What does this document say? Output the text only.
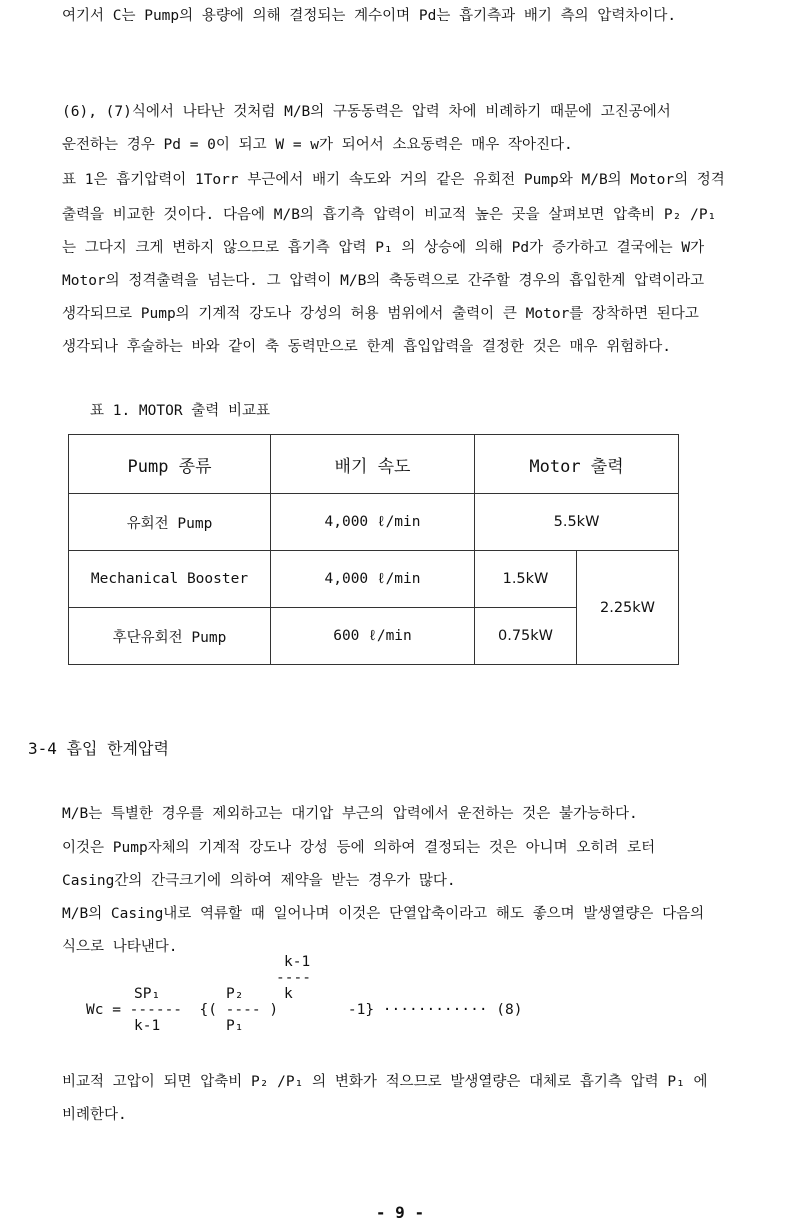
여기서 C는 Pump의 용량에 의해 결정되는 계수이며 Pd는 흡기측과 배기 측의 압력차이다.
(6), (7)식에서 나타난 것처럼 M/B의 구동동력은 압력 차에 비례하기 때문에 고진공에서
운전하는 경우 Pd = 0이 되고 W = w가 되어서 소요동력은 매우 작아진다.
표 1은 흡기압력이 1Torr 부근에서 배기 속도와 거의 같은 유회전 Pump와 M/B의 Motor의 정격
출력을 비교한 것이다. 다음에 M/B의 흡기측 압력이 비교적 높은 곳을 살펴보면 압축비 P₂ /P₁
는 그다지 크게 변하지 않으므로 흡기측 압력 P₁ 의 상승에 의해 Pd가 증가하고 결국에는 W가
Motor의 정격출력을 넘는다. 그 압력이 M/B의 축동력으로 간주할 경우의 흡입한계 압력이라고
생각되므로 Pump의 기계적 강도나 강성의 허용 범위에서 출력이 큰 Motor를 장착하면 된다고
생각되나 후술하는 바와 같이 축 동력만으로 한계 흡입압력을 결정한 것은 매우 위험하다.
표 1. MOTOR 출력 비교표
Pump 종류	배기 속도	Motor 출력	
유회전 Pump	4,000 ℓ/min	5.5kW	
Mechanical Booster	4,000 ℓ/min	1.5kW	2.25kW
후단유회전 Pump	600 ℓ/min	0.75kW	
3-4 흡입 한계압력
M/B는 특별한 경우를 제외하고는 대기압 부근의 압력에서 운전하는 것은 불가능하다.
이것은 Pump자체의 기계적 강도나 강성 등에 의하여 결정되는 것은 아니며 오히려 로터
Casing간의 간극크기에 의하여 제약을 받는 경우가 많다.
M/B의 Casing내로 역류할 때 일어나며 이것은 단열압축이라고 해도 좋으며 발생열량은 다음의
식으로 나타낸다.
k-1
----
k
SP₁	P₂
Wc = ------  {( ---- )        -1} ············ (8)
k-1	P₁
비교적 고압이 되면 압축비 P₂ /P₁ 의 변화가 적으므로 발생열량은 대체로 흡기측 압력 P₁ 에
비례한다.
- 9 -
